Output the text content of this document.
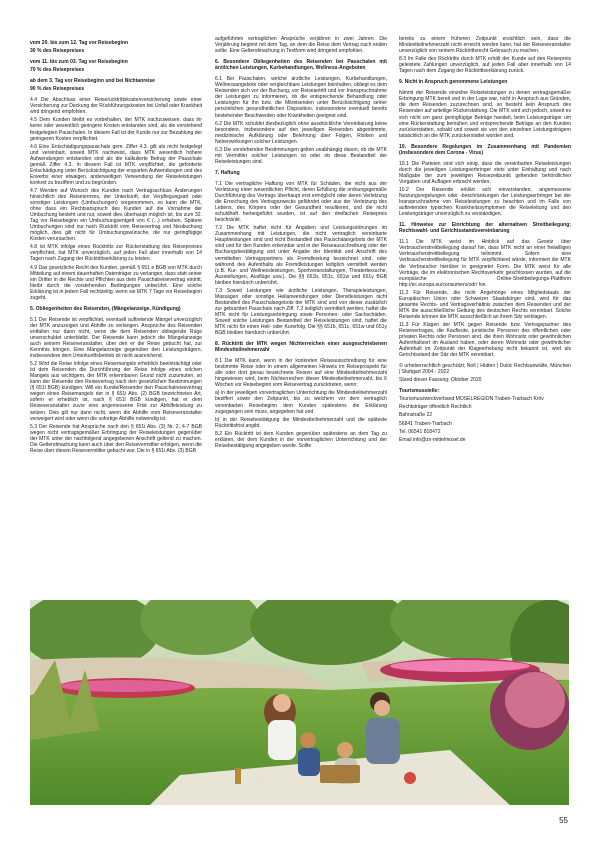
vom 20. bis zum 12. Tag vor Reisebeginn

30 % des Reisepreises

vom 11. bis zum 03. Tag vor Reisebeginn

70 % des Reisepreises

ab dem 3. Tag vor Reisebeginn und bei Nichtanreise

90 % des Reisepreises

4.4 Der Abschluss einer Reiserücktrittskostenversicherung sowie einer Versicherung zur Deckung der Rückführungskosten bei Unfall oder Krankheit wird dringend empfohlen.

4.5 Dem Kunden bleibt es vorbehalten, der MTK nachzuweisen, dass ihr keine oder wesentlich geringere Kosten entstanden sind, als die vorstehend festgelegten Pauschalen. In diesem Fall ist der Kunde nur zur Bezahlung der geringeren Kosten verpflichtet.

4.6 Eine Entschädigungspauschale gem. Ziffer 4.3. gilt als nicht festgelegt und vereinbart, soweit MTK nachweist, dass MTK wesentlich höhere Aufwendungen entstanden sind als die kalkulierte Betrag der Pauschale gemäß Ziffer 4.3. In diesem Fall ist MTK verpflichtet, die geforderte Entschädigung unter Berücksichtigung der ersparten Aufwendungen und des Erwerbs einer etwaigen, anderweitigen Verwendung der Reiseleistungen konkret zu beziffern und zu begründen.

4.7 Werden auf Wunsch des Kunden nach Vertragsschluss Änderungen hinsichtlich des Reisetermins, der Unterkunft, der Verpflegungsart oder sonstiger Leistungen (Umbuchungen) vorgenommen, so kann die MTK, ohne dass ein Rechtsanspruch des Kunden auf die Vornahme der Umbuchung besteht und nur, soweit dies überhaupt möglich ist, bis zum 32. Tag vor Reisebeginn ein Umbuchungsentgelt von € (...) erheben. Spätere Umbuchungen sind nur nach Rücktritt vom Reisevertrag und Neubuchung möglich, dies gilt nicht für Umbuchungswünsche, die nur geringfügige Kosten verursachen.

4.8 Ist MTK infolge eines Rücktritts zur Rückerstattung des Reisepreises verpflichtet, hat MTK unverzüglich, auf jeden Fall aber innerhalb von 14 Tagen nach Zugang der Rücktrittserklärung zu leisten.

4.9 Das gesetzliche Recht des Kunden, gemäß § 651 e BGB von MTK durch Mitteilung auf einem dauerhaften Datenträger zu verlangen, dass statt seiner ein Dritter in die Rechte und Pflichten aus dem Pauschalreisevertrag eintritt, bleibt durch die vorstehenden Bedingungen unberührt. Eine solche Erklärung ist in jedem Fall rechtzeitig, wenn sie MTK 7 Tage vor Reisebeginn zugeht.

5. Obliegenheiten des Reisenden, (Mängelanzeige, Kündigung)

5.1 Der Reisende ist verpflichtet, eventuell auftretende Mängel unverzüglich der MTK anzuzeigen und Abhilfe zu verlangen. Ansprüche des Reisenden entfallen nur dann nicht, wenn die dem Reisenden obliegende Rüge unverschuldet unterbleibt. Der Reisende kann jedoch die Mängelanzeige auch seinem Reiseveranstalter, über den er die Reise gebucht hat, zur Kenntnis bringen. Eine Mängelanzeige gegenüber den Leistungsträgern, insbesondere dem Unterkunftsbetrieb ist nicht ausreichend.

5.2 Wird die Reise infolge eines Reisemangels erheblich beeinträchtigt oder ist dem Reisenden die Durchführung der Reise infolge eines solchen Mangels aus wichtigem, der MTK erkennbaren Grund nicht zuzumuten, so kann der Reisende den Reisevertrag nach den gesetzlichen Bestimmungen (§ 651l BGB) kündigen. Will ein Kunde/Reisender den Pauschalreisevertrag wegen eines Reisemangels der in § 651i Abs. (2) BGB bezeichneten Art, sofern er erheblich ist, nach § 651l BGB kündigen, hat er dem Reiseveranstalter zuvor eine angemessene Frist zur Abhilfeleistung zu setzen. Dies gilt nur dann nicht, wenn die Abhilfe vom Reiseveranstalter verweigert wird oder wenn die sofortige Abhilfe notwendig ist.

5.3 Der Reisende hat Ansprüche nach den § 651i Abs. (3) Nr. 2, 4-7 BGB wegen nicht vertragsgemäßer Erbringung der Reiseleistungen gegenüber der MTK unter der nachfolgend angegebenen Anschrift geltend zu machen. Die Geltendmachung kann auch über den Reisevermittler erfolgen, wenn die Reise über diesen Reisevermittler gebucht war. Die in § 651i Abs. (3) BGB

aufgeführten vertraglichen Ansprüche verjähren in zwei Jahren. Die Verjährung beginnt mit dem Tag, an dem die Reise dem Vertrag nach enden sollte. Eine Geltendmachung in Textform wird dringend empfohlen.

6. Besondere Obliegenheiten des Reisenden bei Pauschalen mit ärztlichen Leistungen, Kurbehandlungen, Wellness-Angeboten

6.1 Bei Pauschalen, welche ärztliche Leistungen, Kurbehandlungen, Wellnessangebote oder vergleichbare Leistungen beinhalten, obliegt es dem Reisenden sich vor der Buchung, vor Reiseantritt und vor Inanspruchnahme der Leistungen zu informieren, ob die entsprechende Behandlung oder Leistungen für ihn bzw. die Mitreisenden unter Berücksichtigung seiner persönlichen gesundheitlichen Disposition, insbesondere eventuell bereits bestehender Beschwerden oder Krankheiten geeignet sind.

6.2 Die MTK schuldet diesbezüglich ohne ausdrückliche Vereinbarung keine besondere, insbesondere auf den jeweiligen Reisenden abgestimmte, medizinische Aufklärung oder Belehrung über Folgen, Risiken und Nebenwirkungen solcher Leistungen.

6.3 Die vorstehenden Bestimmungen gelten unabhängig davon, ob die MTK mit Vermittler solcher Leistungen ist oder ob diese Bestandteil der Reiseleistungen sind.

7. Haftung

7.1 Die vertragliche Haftung von MTK für Schäden, die nicht aus der Verletzung einer wesentlichen Pflicht, deren Erfüllung die ordnungsgemäße Durchführung des Vertrags überhaupt erst ermöglicht oder deren Verletzung die Erreichung des Vertragszwecks gefährdet oder aus der Verletzung des Lebens, des Körpers oder der Gesundheit resultieren, und die nicht schuldhaft herbeigeführt wurden, ist auf den dreifachen Reisepreis beschränkt.

7.2 Die MTK haftet nicht für Angaben und Leistungsstörungen im Zusammenhang mit Leistungen, die nicht vertraglich vereinbarte Hauptleistungen sind und nicht Bestandteil des Pauschalangebots der MTK sind und für den Kunden erkennbar und in der Reiseausschreibung oder der Buchungsbestätigung und unter Angabe der Identität und Anschrift des vermittelten Vertragspartners als Fremdleistung bezeichnet sind, oder während des Aufenthalts als Fremdleistungen lediglich vermittelt werden (z.B. Kur- und Wellnessleistungen, Sportveranstaltungen, Theaterbesuche, Ausstellungen, Ausflüge usw.). Die §§ 651b, 651c, 651w und 651y BGB bleiben hierdurch unberührt.

7.3 Soweit Leistungen wie ärztliche Leistungen, Therapieleistungen, Massagen oder sonstige Heilanwendungen oder Dienstleistungen nicht Bestandteil des Pauschalangebots der MTK sind und von dieser zusätzlich zur gebuchten Pauschale nach Ziff. 7.2 lediglich vermittelt werden, haftet die MTK nicht für Leistungserbringung sowie Personen- oder Sachschäden. Soweit solche Leistungen Bestandteil der Reiseleistungen sind, haftet die MTK nicht für einen Heil- oder Kurerfolg. Die §§ 651b, 651c, 651w und 651y BGB bleiben hierdurch unberührt.

8. Rücktritt der MTK wegen Nichterreichen einer ausgeschriebenen Mindestteilnehmerzahl

8.1 Die MTK kann, wenn in der konkreten Reiseausschreibung für eine bestimmte Reise oder in einem allgemeinen Hinweis im Reiseprospekt für alle oder dort genau bezeichnete Reisen auf eine Mindestteilnehmerzahl hingewiesen wird, beim Nichterreichen dieser Mindestteilnehmerzahl, bis 6 Wochen vor Reisebeginn vom Reisevertrag zurücktreten, wenn:

a) in der jeweiligen vorvertraglichen Unterrichtung die Mindestteilnehmerzahl beziffert sowie den Zeitpunkt, bis zu welchem vor dem vertraglich vereinbarten Reisebeginn dem Kunden spätestens die Erklärung zugegangen sein muss, angegeben hat und

b) in der Reisebestätigung die Mindestteilnehmerzahl und die späteste Rücktrittsfrist angibt.

8.2 Ein Rücktritt ist dem Kunden gegenüber spätestens an dem Tag zu erklären, der dem Kunden in der vorvertraglichen Unterrichtung und der Reisebestätigung angegeben wurde. Sollte

bereits zu einem früheren Zeitpunkt ersichtlich sein, dass die Mindestteilnehmerzahl nicht erreicht werden kann, hat der Reiseveranstalter unverzüglich von seinem Rücktrittsrecht Gebrauch zu machen.

8.3 Im Falle des Rücktritts durch MTK erhält der Kunde auf den Reisepreis geleistete Zahlungen unverzüglich, auf jeden Fall aber innerhalb von 14 Tagen nach dem Zugang der Rücktrittserklärung zurück.

9. Nicht in Anspruch genommene Leistungen

Nimmt der Reisende einzelne Reiseleistungen zu denen vertragsgemäßer Erbringung MTK bereit und in der Lage war, nicht in Anspruch aus Gründen, die dem Reisenden zuzurechnen sind, so besteht kein Anspruch des Reisenden auf anteilige Rückerstattung. Die MTK wird sich jedoch, soweit es sich nicht um ganz geringfügige Beträge handelt, beim Leistungsträger um eine Rückerstattung bemühen und entsprechende Beträge an den Kunden zurückerstatten, sobald und soweit sie von den einzelnen Leistungsträgern tatsächlich an die MTK zurückerstattet worden sind.

10. Besondere Regelungen im Zusammenhang mit Pandemien (insbesondere dem Corona - Virus)

10.1 Die Parteien sind sich einig, dass die vereinbarten Reiseleistungen durch die jeweiligen Leistungserbringer stets unter Einhaltung und nach Maßgabe der zum jeweiligen Reisezeitpunkt geltenden behördlichen Vorgaben und Auflagen erbracht werden.

10.2 Der Reisende erklärt sich einverstanden, angemessene Nutzungsregelungen oder -beschränkungen der Leistungserbringer bei der Inanspruchnahme von Reiseleistungen zu beachten und im Falle von auftretenden typischen Krankheitssymptomen die Reiseleitung und den Leistungsträger unverzüglich zu verständigen.

11. Hinweise zur Einrichtung der alternativen Streitbeilegung; Rechtswahl- und Gerichtsstandsvereinbarung

11.1 Die MTK weist im Hinblick auf das Gesetz über Verbraucherstreitbeilegung darauf hin, dass MTK nicht an einer freiwilligen Verbraucherstreitbeilegung teilnimmt. Sofern eine Verbraucherstreitbeilegung für MTK verpflichtend würde, informiert die MTK die Verbraucher hierüber in geeigneter Form. Die MTK weist für alle Verträge, die im elektronischen Rechtsverkehr geschlossen wurden, auf die europäische Online-Streitbeilegungs-Plattform http://ec.europa.eu/consumers/odr/ hin.

11.2 Für Reisende, die nicht Angehörige eines Mitgliedstaats der Europäischen Union oder Schweizer Staatsbürger sind, wird für das gesamte Rechts- und Vertragsverhältnis zwischen dem Reisenden und der MTK die ausschließliche Geltung des deutschen Rechts vereinbart. Solche Reisende können die MTK ausschließlich an ihrem Sitz verklagen.

11.3 Für Klagen der MTK gegen Reisende bzw. Vertragspartner des Reisevertrages, die Kaufleute, juristische Personen des öffentlichen oder privaten Rechts oder Personen sind, die ihren Wohnsitz oder gewöhnlichen Aufenthaltsort im Ausland haben, oder deren Wohnsitz oder gewöhnlicher Aufenthalt im Zeitpunkt der Klageerhebung nicht bekannt ist, wird als Gerichtsstand der Sitz der MTK vereinbart.

© urheberrechtlich geschützt; Noll | Hütten | Dukic Rechtsanwälte, München | Stuttgart 2004 - 2022

Stand dieser Fassung: Oktober 2020

Tourismusstelle:

Tourismuszweckverband MOSELREGION Traben-Trarbach Kröv

Rechtsträger öffentlich Rechtlich

Bahnstraße 22

56841 Traben-Trarbach

Tel. 06541 818472

Email info@zv-mittelmosel.de

55
